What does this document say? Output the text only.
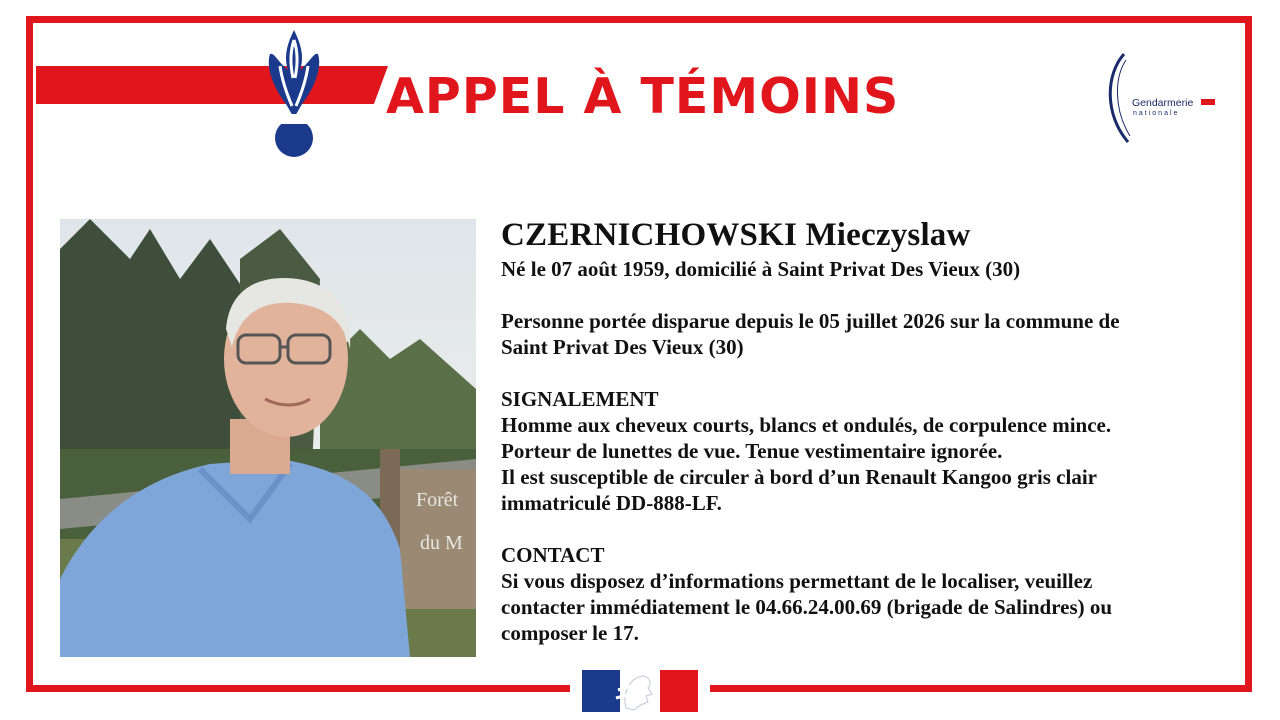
APPEL À TÉMOINS	Gendarmerie
nationale
Forêt
du M

CZERNICHOWSKI Mieczyslaw

Né le 07 août 1959, domicilié à Saint Privat Des Vieux (30)

Personne portée disparue depuis le 05 juillet 2026 sur la commune de

Saint Privat Des Vieux (30)

SIGNALEMENT

Homme aux cheveux courts, blancs et ondulés, de corpulence mince.

Porteur de lunettes de vue. Tenue vestimentaire ignorée.

Il est susceptible de circuler à bord d’un Renault Kangoo gris clair

immatriculé DD-888-LF.

CONTACT

Si vous disposez d’informations permettant de le localiser, veuillez

contacter immédiatement le 04.66.24.00.69 (brigade de Salindres) ou

composer le 17.
